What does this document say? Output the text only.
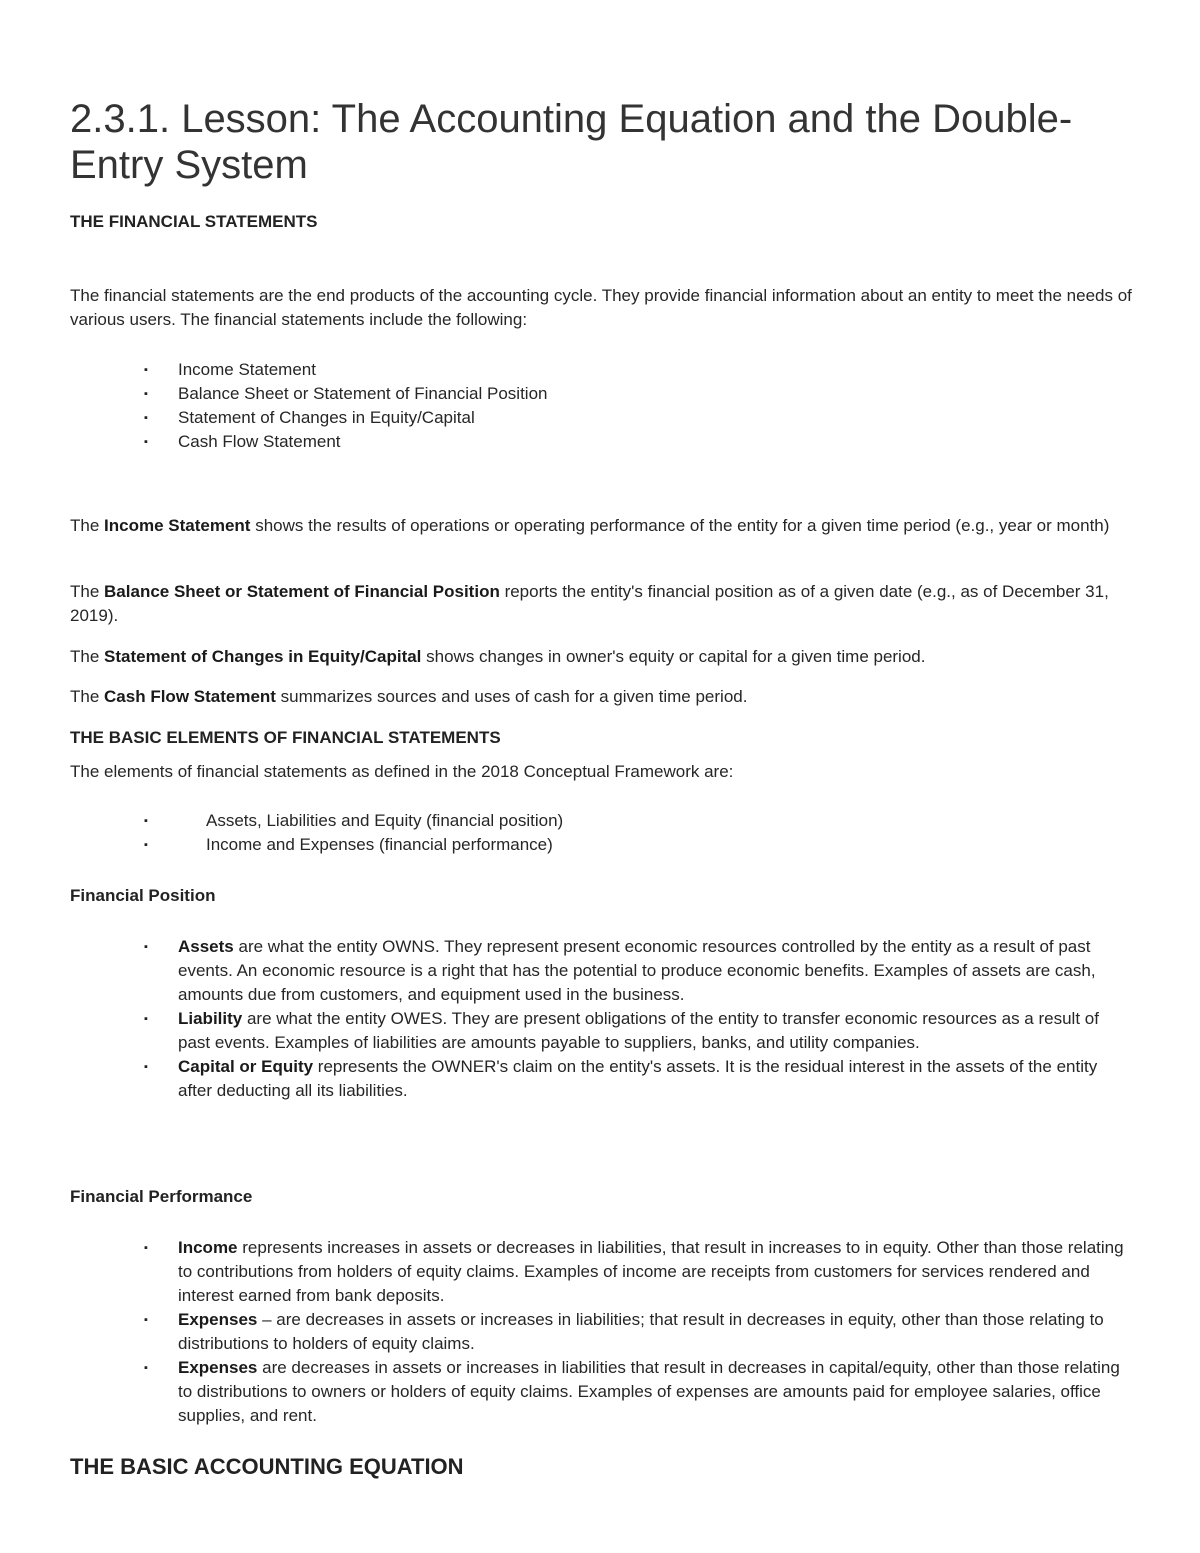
2.3.1. Lesson: The Accounting Equation and the Double-Entry System
THE FINANCIAL STATEMENTS

The financial statements are the end products of the accounting cycle. They provide financial information about an entity to meet the needs of various users. The financial statements include the following:

▪ Income Statement
▪ Balance Sheet or Statement of Financial Position
▪ Statement of Changes in Equity/Capital
▪ Cash Flow Statement

The Income Statement shows the results of operations or operating performance of the entity for a given time period (e.g., year or month)

The Balance Sheet or Statement of Financial Position reports the entity's financial position as of a given date (e.g., as of December 31, 2019).

The Statement of Changes in Equity/Capital shows changes in owner's equity or capital for a given time period.

The Cash Flow Statement summarizes sources and uses of cash for a given time period.

THE BASIC ELEMENTS OF FINANCIAL STATEMENTS

The elements of financial statements as defined in the 2018 Conceptual Framework are:

▪	Assets, Liabilities and Equity (financial position)
▪	Income and Expenses (financial performance)
Financial Position
▪ Assets are what the entity OWNS. They represent present economic resources controlled by the entity as a result of past events. An economic resource is a right that has the potential to produce economic benefits. Examples of assets are cash, amounts due from customers, and equipment used in the business.
▪ Liability are what the entity OWES. They are present obligations of the entity to transfer economic resources as a result of past events. Examples of liabilities are amounts payable to suppliers, banks, and utility companies.
▪ Capital or Equity represents the OWNER's claim on the entity's assets. It is the residual interest in the assets of the entity after deducting all its liabilities.
Financial Performance
▪ Income represents increases in assets or decreases in liabilities, that result in increases to in equity. Other than those relating to contributions from holders of equity claims. Examples of income are receipts from customers for services rendered and interest earned from bank deposits.
▪ Expenses – are decreases in assets or increases in liabilities; that result in decreases in equity, other than those relating to distributions to holders of equity claims.
▪ Expenses are decreases in assets or increases in liabilities that result in decreases in capital/equity, other than those relating to distributions to owners or holders of equity claims. Examples of expenses are amounts paid for employee salaries, office supplies, and rent.
THE BASIC ACCOUNTING EQUATION
